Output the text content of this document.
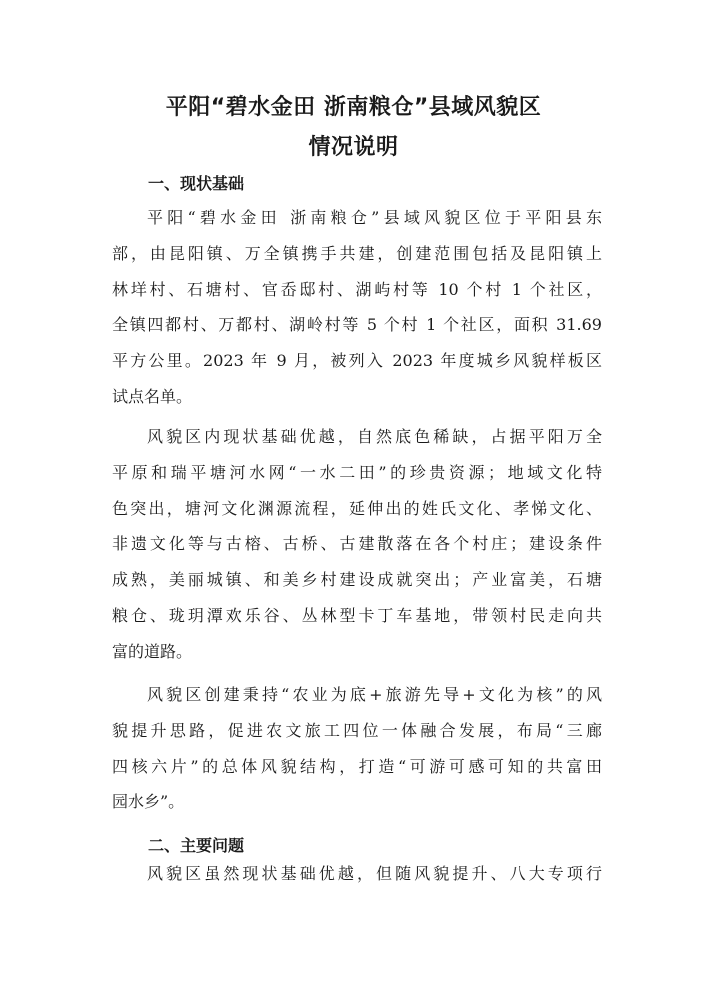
平阳“碧水金田 浙南粮仓”县域风貌区
情况说明
一、现状基础
平阳“碧水金田 浙南粮仓”县域风貌区位于平阳县东
部，由昆阳镇、万全镇携手共建，创建范围包括及昆阳镇上
林垟村、石塘村、官岙邸村、湖屿村等 10 个村 1 个社区，
全镇四都村、万都村、湖岭村等 5 个村 1 个社区，面积 31.69
平方公里。2023 年 9 月，被列入 2023 年度城乡风貌样板区
试点名单。
风貌区内现状基础优越，自然底色稀缺，占据平阳万全
平原和瑞平塘河水网“一水二田”的珍贵资源；地域文化特
色突出，塘河文化渊源流程，延伸出的姓氏文化、孝悌文化、
非遗文化等与古榕、古桥、古建散落在各个村庄；建设条件
成熟，美丽城镇、和美乡村建设成就突出；产业富美，石塘
粮仓、珑玥潭欢乐谷、丛林型卡丁车基地，带领村民走向共
富的道路。
风貌区创建秉持“农业为底+旅游先导+文化为核”的风
貌提升思路，促进农文旅工四位一体融合发展，布局“三廊
四核六片”的总体风貌结构，打造“可游可感可知的共富田
园水乡”。
二、主要问题
风貌区虽然现状基础优越，但随风貌提升、八大专项行
